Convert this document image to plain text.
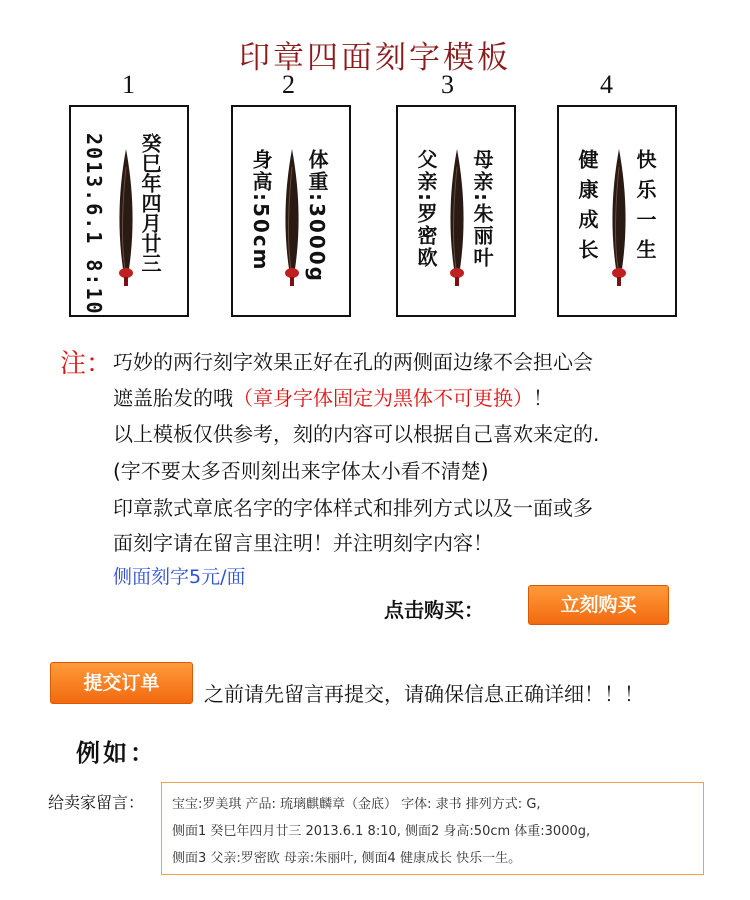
印章四面刻字模板
1	2	3	4
癸巳年四月廿三
2013.6.1 8:10	体重:3000g
身高:50cm	母亲:朱丽叶
父亲:罗密欧	快乐一生
健康成长
注： 巧妙的两行刻字效果正好在孔的两侧面边缘不会担心会
遮盖胎发的哦（章身字体固定为黑体不可更换）！
以上模板仅供参考，刻的内容可以根据自己喜欢来定的.
(字不要太多否则刻出来字体太小看不清楚)
印章款式章底名字的字体样式和排列方式以及一面或多
面刻字请在留言里注明！并注明刻字内容！
侧面刻字5元/面
点击购买：	立刻购买
提交订单	之前请先留言再提交，请确保信息正确详细！！！
例如：
给卖家留言： 宝宝:罗美琪 产品: 琉璃麒麟章（金底） 字体: 隶书 排列方式: G,
侧面1 癸巳年四月廿三 2013.6.1 8:10, 侧面2 身高:50cm 体重:3000g,
侧面3 父亲:罗密欧 母亲:朱丽叶, 侧面4 健康成长 快乐一生。
